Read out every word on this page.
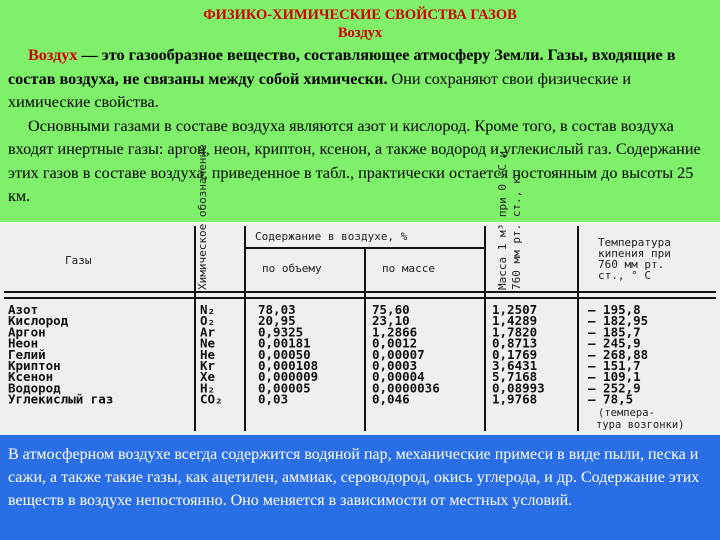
ФИЗИКО-ХИМИЧЕСКИЕ СВОЙСТВА ГАЗОВ
Воздух

Воздух — это газообразное вещество, составляющее атмосферу Земли. Газы, входящие в состав воздуха, не связаны между собой химически. Они сохраняют свои физические и химические свойства.

Основными газами в составе воздуха являются азот и кислород. Кроме того, в состав воздуха входят инертные газы: аргон, неон, криптон, ксенон, а также водород и углекислый газ. Содержание этих газов в составе воздуха, приведенное в табл., практически остается постоянным до высоты 25 км.

Газы	Химическое обозначение	Содержание в воздухе, %
по объему	по массе	Масса 1 м³ при 0 °С и 760 мм рт. ст., кг	Температура
кипения при
760 мм рт.
ст., ° С
Азот	N₂	78,03	75,60	1,2507	— 195,8
Кислород	O₂	20,95	23,10	1,4289	— 182,95
Аргон	Ar	0,9325	1,2866	1,7820	— 185,7
Неон	Ne	0,00181	0,0012	0,8713	— 245,9
Гелий	He	0,00050	0,00007	0,1769	— 268,88
Криптон	Kr	0,000108	0,0003	3,6431	— 151,7
Ксенон	Xe	0,000009	0,00004	5,7168	— 109,1
Водород	H₂	0,00005	0,0000036	0,08993	— 252,9
Углекислый газ	CO₂	0,03	0,046	1,9768	— 78,5
(темпера-
тура возгонки)

В атмосферном воздухе всегда содержится водяной пар, механические примеси в виде пыли, песка и сажи, а также такие газы, как ацетилен, аммиак, сероводород, окись углерода, и др. Содержание этих веществ в воздухе непостоянно. Оно меняется в зависимости от местных условий.
